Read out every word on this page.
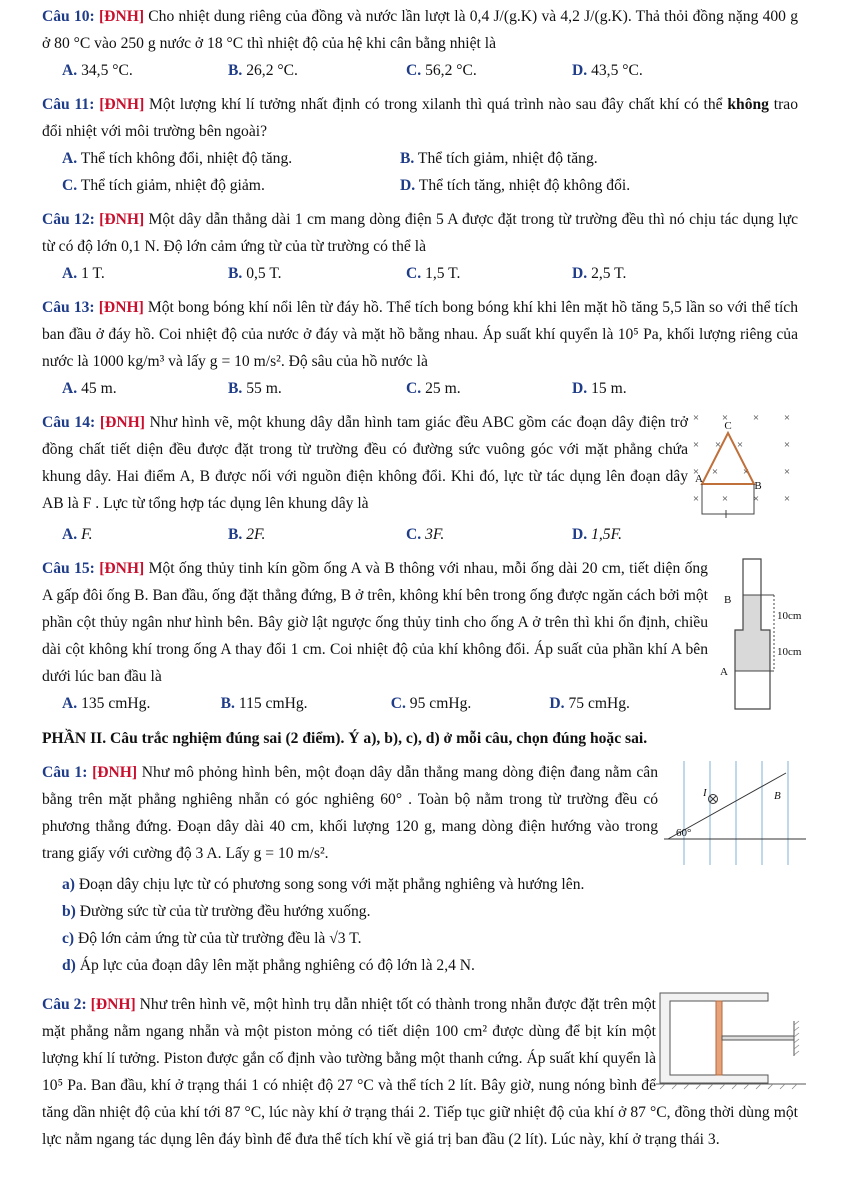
Câu 10: [ĐNH] Cho nhiệt dung riêng của đồng và nước lần lượt là 0,4 J/(g.K) và 4,2 J/(g.K). Thả thỏi đồng nặng 400 g ở 80 °C vào 250 g nước ở 18 °C thì nhiệt độ của hệ khi cân bằng nhiệt là
A. 34,5 °C.	B. 26,2 °C.	C. 56,2 °C.	D. 43,5 °C.
Câu 11: [ĐNH] Một lượng khí lí tưởng nhất định có trong xilanh thì quá trình nào sau đây chất khí có thể không trao đổi nhiệt với môi trường bên ngoài?
A. Thể tích không đổi, nhiệt độ tăng.	B. Thể tích giảm, nhiệt độ tăng.
C. Thể tích giảm, nhiệt độ giảm.	D. Thể tích tăng, nhiệt độ không đổi.
Câu 12: [ĐNH] Một dây dẫn thẳng dài 1 cm mang dòng điện 5 A được đặt trong từ trường đều thì nó chịu tác dụng lực từ có độ lớn 0,1 N. Độ lớn cảm ứng từ của từ trường có thể là
A. 1 T.	B. 0,5 T.	C. 1,5 T.	D. 2,5 T.
Câu 13: [ĐNH] Một bong bóng khí nổi lên từ đáy hồ. Thể tích bong bóng khí khi lên mặt hồ tăng 5,5 lần so với thể tích ban đầu ở đáy hồ. Coi nhiệt độ của nước ở đáy và mặt hồ bằng nhau. Áp suất khí quyển là 10⁵ Pa, khối lượng riêng của nước là 1000 kg/m³ và lấy g = 10 m/s². Độ sâu của hồ nước là
A. 45 m.	B. 55 m.	C. 25 m.	D. 15 m.
× × × ×
× × ×	×
× × ×	×
× × × ×
C
A
B
Câu 14: [ĐNH] Như hình vẽ, một khung dây dẫn hình tam giác đều ABC gồm các đoạn dây điện trở đồng chất tiết diện đều được đặt trong từ trường đều có đường sức vuông góc với mặt phẳng chứa khung dây. Hai điểm A, B được nối với nguồn điện không đổi. Khi đó, lực từ tác dụng lên đoạn dây AB là F . Lực từ tổng hợp tác dụng lên khung dây là
A. F.	B. 2F.	C. 3F.	D. 1,5F.
B
A
10cm
10cm
Câu 15: [ĐNH] Một ống thủy tinh kín gồm ống A và B thông với nhau, mỗi ống dài 20 cm, tiết diện ống A gấp đôi ống B. Ban đầu, ống đặt thẳng đứng, B ở trên, không khí bên trong ống được ngăn cách bởi một phần cột thủy ngân như hình bên. Bây giờ lật ngược ống thủy tinh cho ống A ở trên thì khi ổn định, chiều dài cột không khí trong ống A thay đổi 1 cm. Coi nhiệt độ của khí không đổi. Áp suất của phần khí A bên dưới lúc ban đầu là
A. 135 cmHg.	B. 115 cmHg.	C. 95 cmHg.	D. 75 cmHg.
PHẦN II. Câu trắc nghiệm đúng sai (2 điểm). Ý a), b), c), d) ở mỗi câu, chọn đúng hoặc sai.
I	B⃗
60°
Câu 1: [ĐNH] Như mô phỏng hình bên, một đoạn dây dẫn thẳng mang dòng điện đang nằm cân bằng trên mặt phẳng nghiêng nhẵn có góc nghiêng 60° . Toàn bộ nằm trong từ trường đều có phương thẳng đứng. Đoạn dây dài 40 cm, khối lượng 120 g, mang dòng điện hướng vào trong trang giấy với cường độ 3 A. Lấy g = 10 m/s².
a) Đoạn dây chịu lực từ có phương song song với mặt phẳng nghiêng và hướng lên.
b) Đường sức từ của từ trường đều hướng xuống.
c) Độ lớn cảm ứng từ của từ trường đều là √3 T.
d) Áp lực của đoạn dây lên mặt phẳng nghiêng có độ lớn là 2,4 N.
Câu 2: [ĐNH] Như trên hình vẽ, một hình trụ dẫn nhiệt tốt có thành trong nhẵn được đặt trên một mặt phẳng nằm ngang nhẵn và một piston mỏng có tiết diện 100 cm² được dùng để bịt kín một lượng khí lí tưởng. Piston được gắn cố định vào tường bằng một thanh cứng. Áp suất khí quyển là 10⁵ Pa. Ban đầu, khí ở trạng thái 1 có nhiệt độ 27 °C và thể tích 2 lít. Bây giờ, nung nóng bình để tăng dần nhiệt độ của khí tới 87 °C, lúc này khí ở trạng thái 2. Tiếp tục giữ nhiệt độ của khí ở 87 °C, đồng thời dùng một lực nằm ngang tác dụng lên đáy bình để đưa thể tích khí về giá trị ban đầu (2 lít). Lúc này, khí ở trạng thái 3.
